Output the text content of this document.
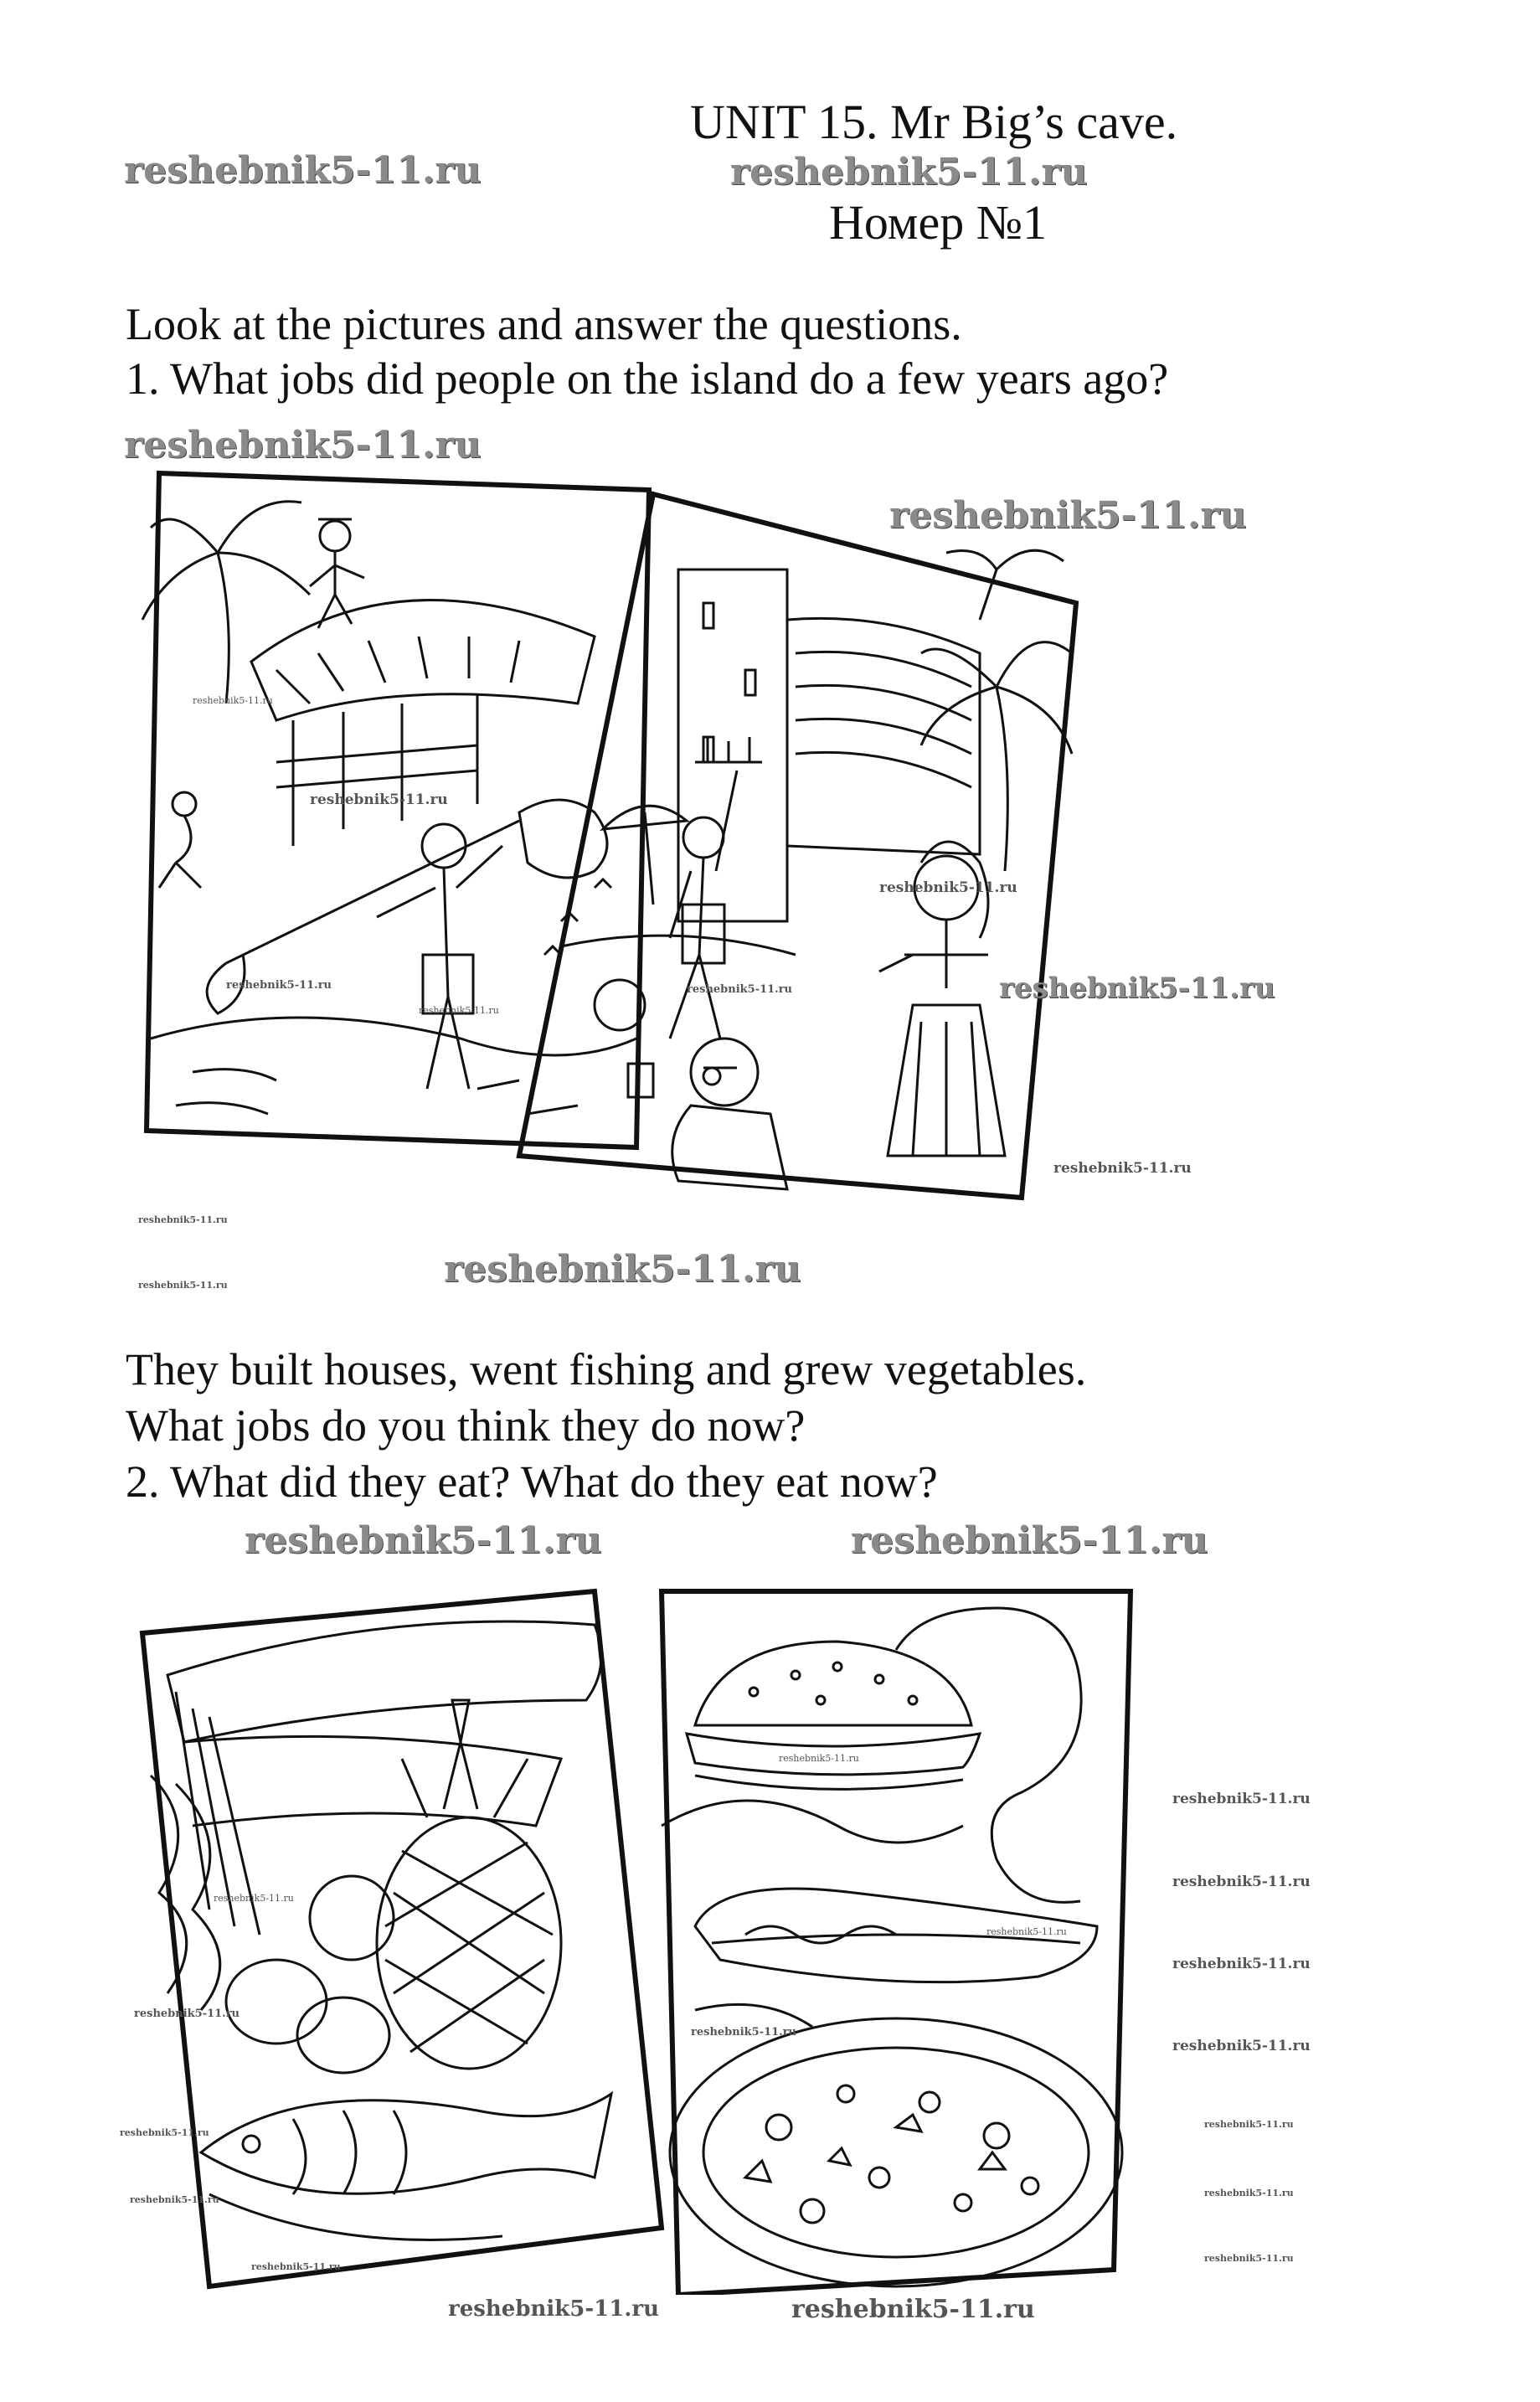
UNIT 15. Mr Big’s cave.
reshebnik5-11.ru	reshebnik5-11.ru
Номер №1
Look at the pictures and answer the questions.
1. What jobs did people on the island do a few years ago?
reshebnik5-11.ru
reshebnik5-11.ru
reshebnik5-11.ru
reshebnik5-11.ru
reshebnik5-11.ru
reshebnik5-11.ru
reshebnik5-11.ru
reshebnik5-11.ru
reshebnik5-11.ru
reshebnik5-11.ru
reshebnik5-11.ru
reshebnik5-11.ru	reshebnik5-11.ru
They built houses, went fishing and grew vegetables.
What jobs do you think they do now?
2. What did they eat? What do they eat now?
reshebnik5-11.ru	reshebnik5-11.ru
reshebnik5-11.ru
reshebnik5-11.ru
reshebnik5-11.ru
reshebnik5-11.ru
reshebnik5-11.ru
reshebnik5-11.ru
reshebnik5-11.ru
reshebnik5-11.ru
reshebnik5-11.ru
reshebnik5-11.ru
reshebnik5-11.ru
reshebnik5-11.ru
reshebnik5-11.ru
reshebnik5-11.ru
reshebnik5-11.ru
reshebnik5-11.ru	reshebnik5-11.ru
